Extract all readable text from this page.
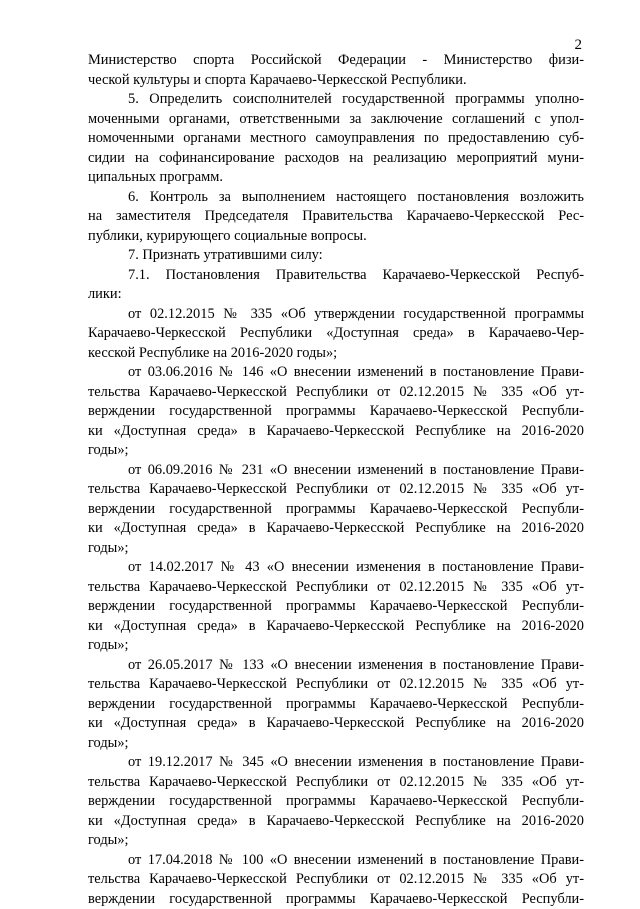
2

Министерство спорта Российской Федерации - Министерство физи-
ческой культуры и спорта Карачаево-Черкесской Республики.

5. Определить соисполнителей государственной программы уполно-
моченными органами, ответственными за заключение соглашений с упол-
номоченными органами местного самоуправления по предоставлению суб-
сидии на софинансирование расходов на реализацию мероприятий муни-
ципальных программ.

6. Контроль за выполнением настоящего постановления возложить
на заместителя Председателя Правительства Карачаево-Черкесской Рес-
публики, курирующего социальные вопросы.

7. Признать утратившими силу:

7.1. Постановления Правительства Карачаево-Черкесской Респуб-
лики:

от 02.12.2015 № 335 «Об утверждении государственной программы
Карачаево-Черкесской Республики «Доступная среда» в Карачаево-Чер-
кесской Республике на 2016-2020 годы»;

от 03.06.2016 № 146 «О внесении изменений в постановление Прави-
тельства Карачаево-Черкесской Республики от 02.12.2015 № 335 «Об ут-
верждении государственной программы Карачаево-Черкесской Республи-
ки «Доступная среда» в Карачаево-Черкесской Республике на 2016-2020
годы»;

от 06.09.2016 № 231 «О внесении изменений в постановление Прави-
тельства Карачаево-Черкесской Республики от 02.12.2015 № 335 «Об ут-
верждении государственной программы Карачаево-Черкесской Республи-
ки «Доступная среда» в Карачаево-Черкесской Республике на 2016-2020
годы»;

от 14.02.2017 № 43 «О внесении изменения в постановление Прави-
тельства Карачаево-Черкесской Республики от 02.12.2015 № 335 «Об ут-
верждении государственной программы Карачаево-Черкесской Республи-
ки «Доступная среда» в Карачаево-Черкесской Республике на 2016-2020
годы»;

от 26.05.2017 № 133 «О внесении изменения в постановление Прави-
тельства Карачаево-Черкесской Республики от 02.12.2015 № 335 «Об ут-
верждении государственной программы Карачаево-Черкесской Республи-
ки «Доступная среда» в Карачаево-Черкесской Республике на 2016-2020
годы»;

от 19.12.2017 № 345 «О внесении изменения в постановление Прави-
тельства Карачаево-Черкесской Республики от 02.12.2015 № 335 «Об ут-
верждении государственной программы Карачаево-Черкесской Республи-
ки «Доступная среда» в Карачаево-Черкесской Республике на 2016-2020
годы»;

от 17.04.2018 № 100 «О внесении изменений в постановление Прави-
тельства Карачаево-Черкесской Республики от 02.12.2015 № 335 «Об ут-
верждении государственной программы Карачаево-Черкесской Республи-
